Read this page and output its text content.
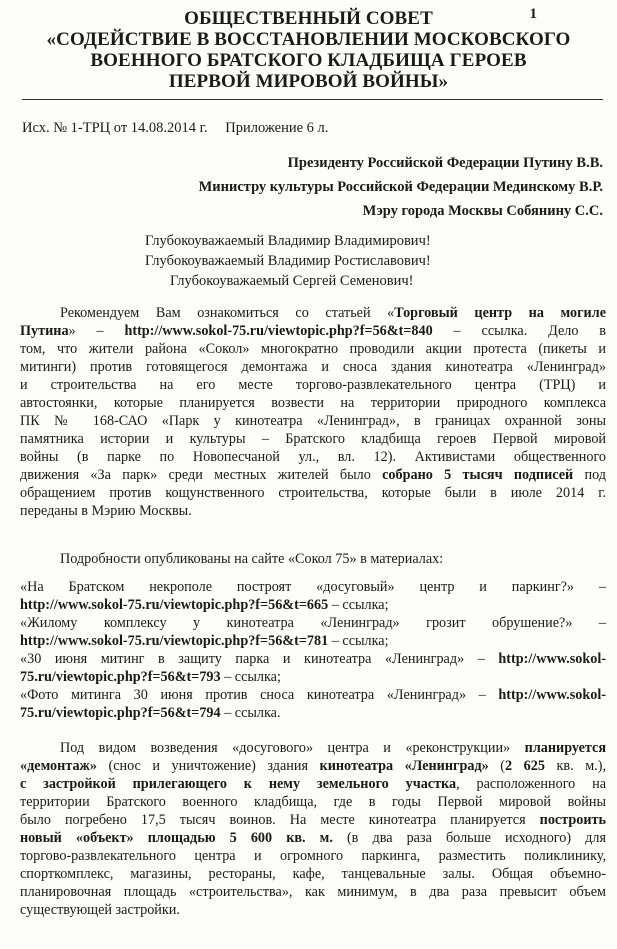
1
ОБЩЕСТВЕННЫЙ СОВЕТ
«СОДЕЙСТВИЕ В ВОССТАНОВЛЕНИИ МОСКОВСКОГО
ВОЕННОГО БРАТСКОГО КЛАДБИЩА ГЕРОЕВ
ПЕРВОЙ МИРОВОЙ ВОЙНЫ»
Исх. № 1-ТРЦ от 14.08.2014 г. Приложение 6 л.
Президенту Российской Федерации Путину В.В.
Министру культуры Российской Федерации Мединскому В.Р.
Мэру города Москвы Собянину С.С.
Глубокоуважаемый Владимир Владимирович!
Глубокоуважаемый Владимир Ростиславович!
Глубокоуважаемый Сергей Семенович!
Рекомендуем Вам ознакомиться со статьей «Торговый центр на могиле
Путина» – http://www.sokol-75.ru/viewtopic.php?f=56&t=840 – ссылка. Дело в
том, что жители района «Сокол» многократно проводили акции протеста (пикеты и
митинги) против готовящегося демонтажа и сноса здания кинотеатра «Ленинград»
и строительства на его месте торгово-развлекательного центра (ТРЦ) и
автостоянки, которые планируется возвести на территории природного комплекса
ПК № 168-САО «Парк у кинотеатра «Ленинград», в границах охранной зоны
памятника истории и культуры – Братского кладбища героев Первой мировой
войны (в парке по Новопесчаной ул., вл. 12). Активистами общественного
движения «За парк» среди местных жителей было собрано 5 тысяч подписей под
обращением против кощунственного строительства, которые были в июле 2014 г.
переданы в Мэрию Москвы.
Подробности опубликованы на сайте «Сокол 75» в материалах:
«На Братском некрополе построят «досуговый» центр и паркинг?» –
http://www.sokol-75.ru/viewtopic.php?f=56&t=665 – ссылка;
«Жилому комплексу у кинотеатра «Ленинград» грозит обрушение?» –
http://www.sokol-75.ru/viewtopic.php?f=56&t=781 – ссылка;
«30 июня митинг в защиту парка и кинотеатра «Ленинград» – http://www.sokol-
75.ru/viewtopic.php?f=56&t=793 – ссылка;
«Фото митинга 30 июня против сноса кинотеатра «Ленинград» – http://www.sokol-
75.ru/viewtopic.php?f=56&t=794 – ссылка.
Под видом возведения «досугового» центра и «реконструкции» планируется
«демонтаж» (снос и уничтожение) здания кинотеатра «Ленинград» (2 625 кв. м.),
с застройкой прилегающего к нему земельного участка, расположенного на
территории Братского военного кладбища, где в годы Первой мировой войны
было погребено 17,5 тысяч воинов. На месте кинотеатра планируется построить
новый «объект» площадью 5 600 кв. м. (в два раза больше исходного) для
торгово-развлекательного центра и огромного паркинга, разместить поликлинику,
спорткомплекс, магазины, рестораны, кафе, танцевальные залы. Общая объемно-
планировочная площадь «строительства», как минимум, в два раза превысит объем
существующей застройки.
